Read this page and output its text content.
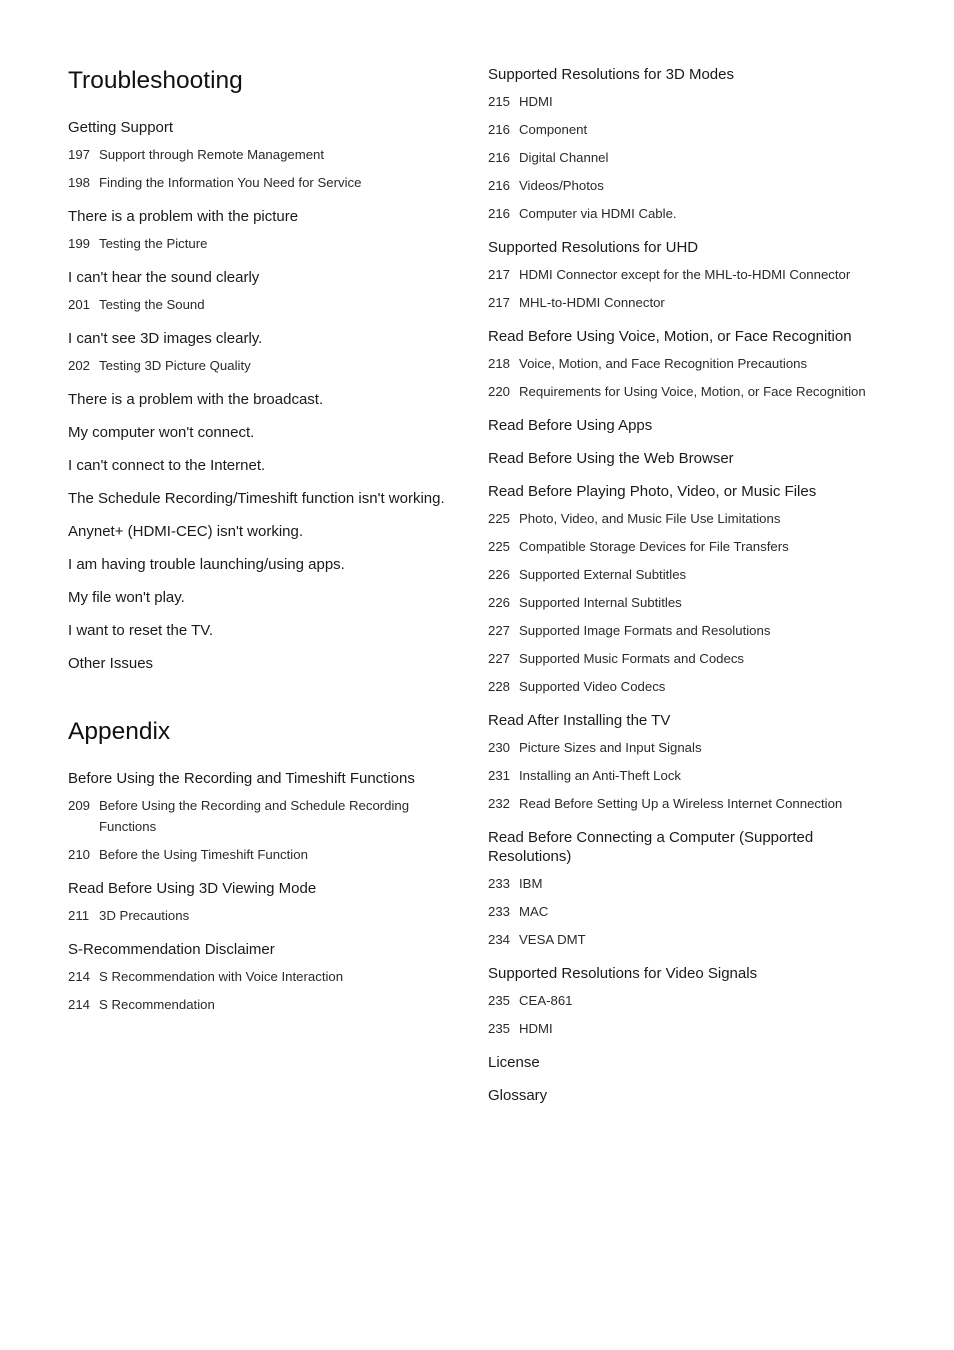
Troubleshooting
Getting Support
197 Support through Remote Management
198 Finding the Information You Need for Service
There is a problem with the picture
199 Testing the Picture
I can't hear the sound clearly
201 Testing the Sound
I can't see 3D images clearly.
202 Testing 3D Picture Quality
There is a problem with the broadcast.
My computer won't connect.
I can't connect to the Internet.
The Schedule Recording/Timeshift function isn't working.
Anynet+ (HDMI-CEC) isn't working.
I am having trouble launching/using apps.
My file won't play.
I want to reset the TV.
Other Issues
Appendix
Before Using the Recording and Timeshift Functions
209 Before Using the Recording and Schedule Recording Functions
210 Before the Using Timeshift Function
Read Before Using 3D Viewing Mode
211 3D Precautions
S-Recommendation Disclaimer
214 S Recommendation with Voice Interaction
214 S Recommendation
Supported Resolutions for 3D Modes
215 HDMI
216 Component
216 Digital Channel
216 Videos/Photos
216 Computer via HDMI Cable.
Supported Resolutions for UHD
217 HDMI Connector except for the MHL-to-HDMI Connector
217 MHL-to-HDMI Connector
Read Before Using Voice, Motion, or Face Recognition
218 Voice, Motion, and Face Recognition Precautions
220 Requirements for Using Voice, Motion, or Face Recognition
Read Before Using Apps
Read Before Using the Web Browser
Read Before Playing Photo, Video, or Music Files
225 Photo, Video, and Music File Use Limitations
225 Compatible Storage Devices for File Transfers
226 Supported External Subtitles
226 Supported Internal Subtitles
227 Supported Image Formats and Resolutions
227 Supported Music Formats and Codecs
228 Supported Video Codecs
Read After Installing the TV
230 Picture Sizes and Input Signals
231 Installing an Anti-Theft Lock
232 Read Before Setting Up a Wireless Internet Connection
Read Before Connecting a Computer (Supported Resolutions)
233 IBM
233 MAC
234 VESA DMT
Supported Resolutions for Video Signals
235 CEA-861
235 HDMI
License
Glossary
